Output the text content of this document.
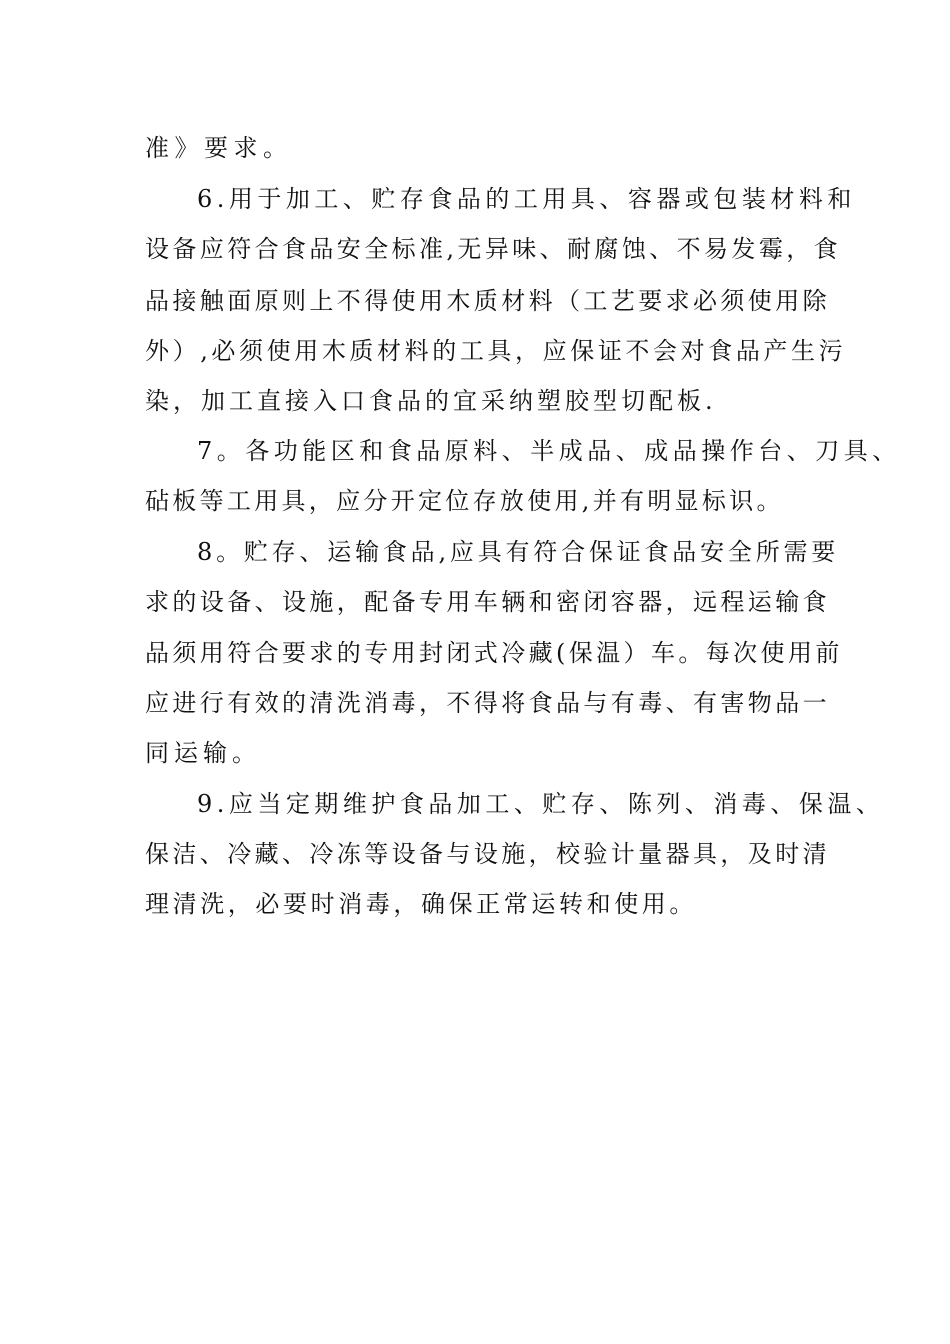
准》要求。
6.用于加工、贮存食品的工用具、容器或包装材料和
设备应符合食品安全标准,无异味、耐腐蚀、不易发霉，食
品接触面原则上不得使用木质材料（工艺要求必须使用除
外）,必须使用木质材料的工具，应保证不会对食品产生污
染，加工直接入口食品的宜采纳塑胶型切配板.
7。各功能区和食品原料、半成品、成品操作台、刀具、
砧板等工用具，应分开定位存放使用,并有明显标识。
8。贮存、运输食品,应具有符合保证食品安全所需要
求的设备、设施，配备专用车辆和密闭容器，远程运输食
品须用符合要求的专用封闭式冷藏(保温）车。每次使用前
应进行有效的清洗消毒，不得将食品与有毒、有害物品一
同运输。
9.应当定期维护食品加工、贮存、陈列、消毒、保温、
保洁、冷藏、冷冻等设备与设施，校验计量器具，及时清
理清洗，必要时消毒，确保正常运转和使用。
